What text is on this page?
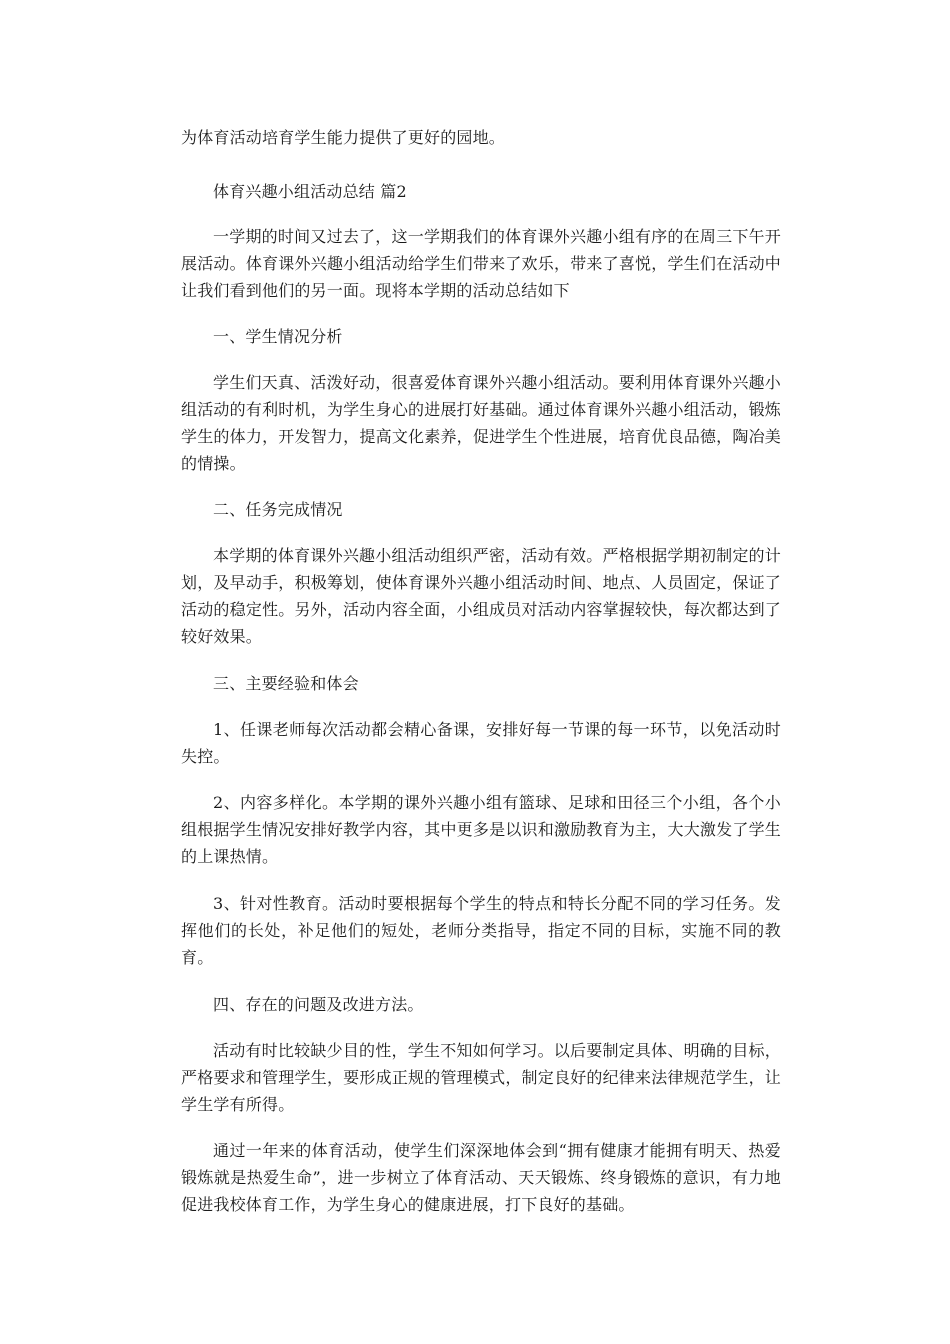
为体育活动培育学生能力提供了更好的园地。

体育兴趣小组活动总结 篇2

一学期的时间又过去了，这一学期我们的体育课外兴趣小组有序的在周三下午开展活动。体育课外兴趣小组活动给学生们带来了欢乐，带来了喜悦，学生们在活动中让我们看到他们的另一面。现将本学期的活动总结如下

一、学生情况分析

学生们天真、活泼好动，很喜爱体育课外兴趣小组活动。要利用体育课外兴趣小组活动的有利时机，为学生身心的进展打好基础。通过体育课外兴趣小组活动，锻炼学生的体力，开发智力，提高文化素养，促进学生个性进展，培育优良品德，陶冶美的情操。

二、任务完成情况

本学期的体育课外兴趣小组活动组织严密，活动有效。严格根据学期初制定的计划，及早动手，积极筹划，使体育课外兴趣小组活动时间、地点、人员固定，保证了活动的稳定性。另外，活动内容全面，小组成员对活动内容掌握较快，每次都达到了较好效果。

三、主要经验和体会

1、任课老师每次活动都会精心备课，安排好每一节课的每一环节，以免活动时失控。

2、内容多样化。本学期的课外兴趣小组有篮球、足球和田径三个小组，各个小组根据学生情况安排好教学内容，其中更多是以识和激励教育为主，大大激发了学生的上课热情。

3、针对性教育。活动时要根据每个学生的特点和特长分配不同的学习任务。发挥他们的长处，补足他们的短处，老师分类指导，指定不同的目标，实施不同的教育。

四、存在的问题及改进方法。

活动有时比较缺少目的性，学生不知如何学习。以后要制定具体、明确的目标，严格要求和管理学生，要形成正规的管理模式，制定良好的纪律来法律规范学生，让学生学有所得。

通过一年来的体育活动，使学生们深深地体会到“拥有健康才能拥有明天、热爱锻炼就是热爱生命”，进一步树立了体育活动、天天锻炼、终身锻炼的意识，有力地促进我校体育工作，为学生身心的健康进展，打下良好的基础。
